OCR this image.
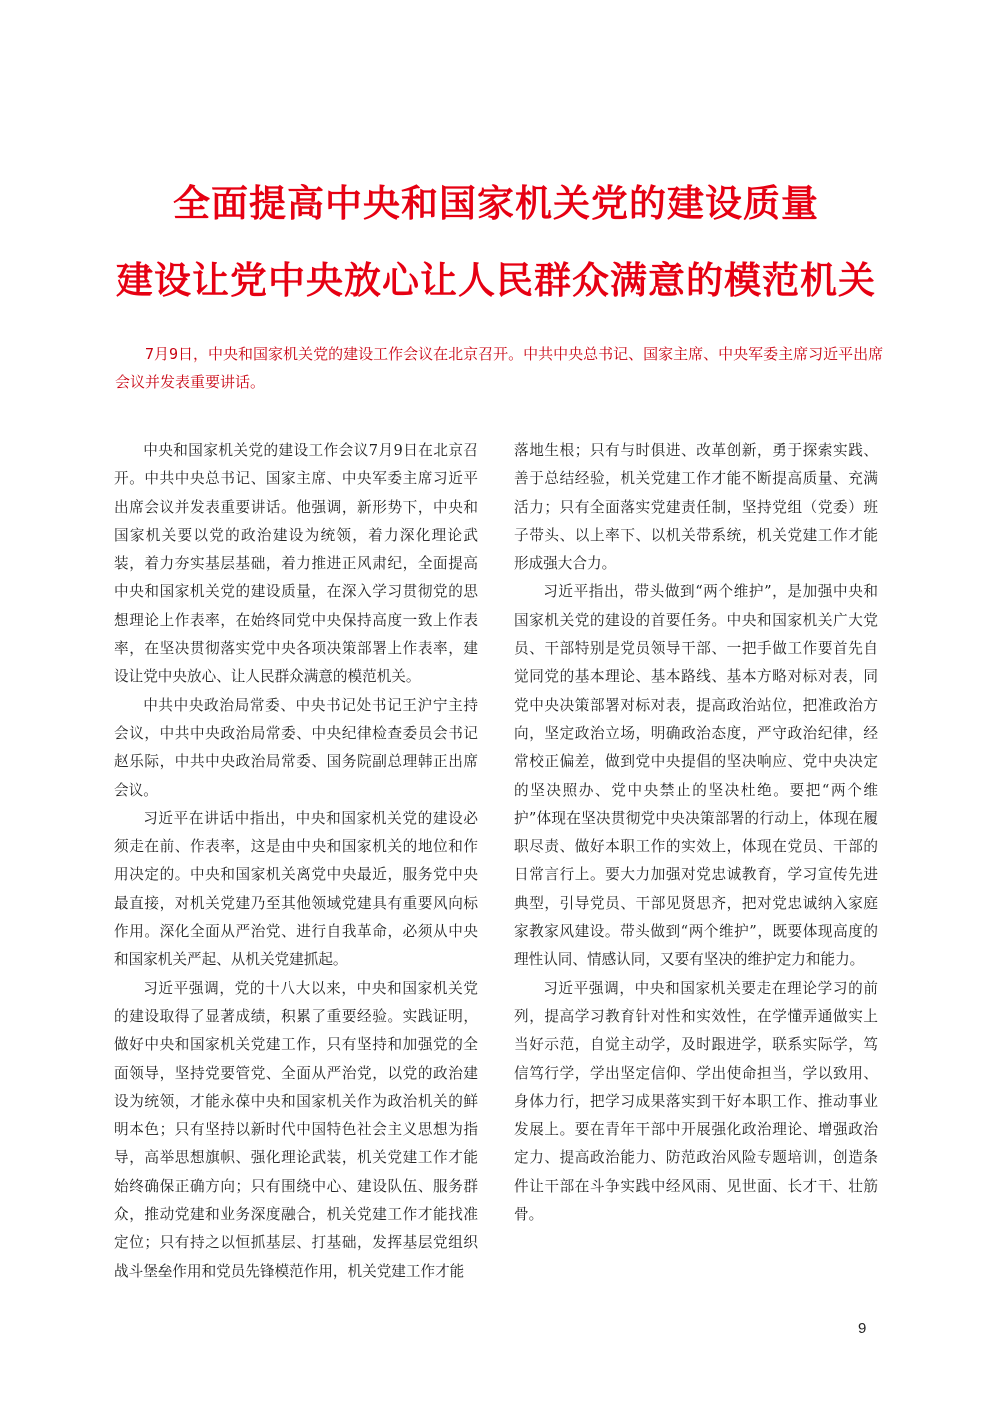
全面提高中央和国家机关党的建设质量
建设让党中央放心让人民群众满意的模范机关

7月9日，中央和国家机关党的建设工作会议在北京召开。中共中央总书记、国家主席、中央军委主席习近平出席会议并发表重要讲话。

中央和国家机关党的建设工作会议7月9日在北京召开。中共中央总书记、国家主席、中央军委主席习近平出席会议并发表重要讲话。他强调，新形势下，中央和国家机关要以党的政治建设为统领，着力深化理论武装，着力夯实基层基础，着力推进正风肃纪，全面提高中央和国家机关党的建设质量，在深入学习贯彻党的思想理论上作表率，在始终同党中央保持高度一致上作表率，在坚决贯彻落实党中央各项决策部署上作表率，建设让党中央放心、让人民群众满意的模范机关。

中共中央政治局常委、中央书记处书记王沪宁主持会议，中共中央政治局常委、中央纪律检查委员会书记赵乐际，中共中央政治局常委、国务院副总理韩正出席会议。

习近平在讲话中指出，中央和国家机关党的建设必须走在前、作表率，这是由中央和国家机关的地位和作用决定的。中央和国家机关离党中央最近，服务党中央最直接，对机关党建乃至其他领域党建具有重要风向标作用。深化全面从严治党、进行自我革命，必须从中央和国家机关严起、从机关党建抓起。

习近平强调，党的十八大以来，中央和国家机关党的建设取得了显著成绩，积累了重要经验。实践证明，做好中央和国家机关党建工作，只有坚持和加强党的全面领导，坚持党要管党、全面从严治党，以党的政治建设为统领，才能永葆中央和国家机关作为政治机关的鲜明本色；只有坚持以新时代中国特色社会主义思想为指导，高举思想旗帜、强化理论武装，机关党建工作才能始终确保正确方向；只有围绕中心、建设队伍、服务群众，推动党建和业务深度融合，机关党建工作才能找准定位；只有持之以恒抓基层、打基础，发挥基层党组织战斗堡垒作用和党员先锋模范作用，机关党建工作才能

落地生根；只有与时俱进、改革创新，勇于探索实践、善于总结经验，机关党建工作才能不断提高质量、充满活力；只有全面落实党建责任制，坚持党组（党委）班子带头、以上率下、以机关带系统，机关党建工作才能形成强大合力。

习近平指出，带头做到“两个维护”，是加强中央和国家机关党的建设的首要任务。中央和国家机关广大党员、干部特别是党员领导干部、一把手做工作要首先自觉同党的基本理论、基本路线、基本方略对标对表，同党中央决策部署对标对表，提高政治站位，把准政治方向，坚定政治立场，明确政治态度，严守政治纪律，经常校正偏差，做到党中央提倡的坚决响应、党中央决定的坚决照办、党中央禁止的坚决杜绝。要把“两个维护”体现在坚决贯彻党中央决策部署的行动上，体现在履职尽责、做好本职工作的实效上，体现在党员、干部的日常言行上。要大力加强对党忠诚教育，学习宣传先进典型，引导党员、干部见贤思齐，把对党忠诚纳入家庭家教家风建设。带头做到“两个维护”，既要体现高度的理性认同、情感认同，又要有坚决的维护定力和能力。

习近平强调，中央和国家机关要走在理论学习的前列，提高学习教育针对性和实效性，在学懂弄通做实上当好示范，自觉主动学，及时跟进学，联系实际学，笃信笃行学，学出坚定信仰、学出使命担当，学以致用、身体力行，把学习成果落实到干好本职工作、推动事业发展上。要在青年干部中开展强化政治理论、增强政治定力、提高政治能力、防范政治风险专题培训，创造条件让干部在斗争实践中经风雨、见世面、长才干、壮筋骨。

9
